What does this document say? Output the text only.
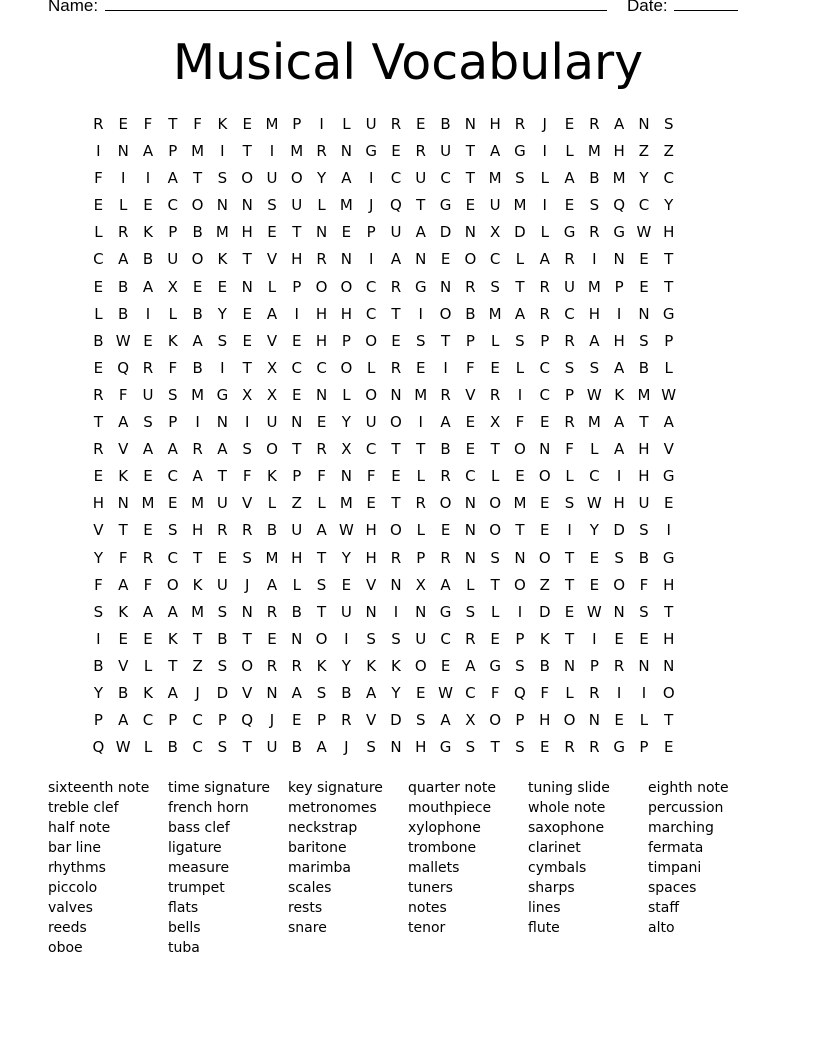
Name:	Date:
Musical Vocabulary
R E	F	T	F	K	E M P	I	L	U R E B N H R	J	E R A N S
I	N A	P M	I	T	I	M R N G E R U T	A G	I	L M H Z Z
F	I	I	A	T	S O U O Y	A	I	C U C T M S	L	A B M Y C
E	L	E C O N N S U	L M	J	Q T G E U M	I	E	S Q C Y
L	R K	P	B M H E	T N E	P U A D N X D L G R G W H
C A B U O K	T	V H R N	I	A N E O C	L	A R	I	N E	T
E B A X E	E N	L	P O O C R G N R S	T R U M P	E	T
L	B	I	L	B	Y	E A	I	H H C T	I	O B M A R C H	I	N G
B W E	K A S	E V E H P O E	S	T	P	L	S	P	R A H S	P
E Q R	F	B	I	T	X C C O L	R E	I	F	E	L	C S	S A B	L
R	F U S M G X X E N	L O N M R V R	I	C	P W K M W
T	A S	P	I	N	I	U N E	Y U O	I	A E X	F	E R M A	T	A
R V A A R A S O T R X C T	T	B E	T O N F	L	A H V
E	K	E C A	T	F	K	P	F N F	E	L	R C	L	E O L	C	I	H G
H N M E M U V	L	Z	L M E	T R O N O M E	S W H U E
V	T	E	S H R R B U A W H O L	E N O T	E	I	Y D S	I
Y	F	R C T	E	S M H T	Y H R	P	R N S N O T	E	S B G
F	A	F O K U	J	A	L	S	E V N X A	L	T O Z	T	E O F H
S	K A A M S N R B	T U N	I	N G S	L	I	D E W N S	T
I	E	E	K	T	B	T	E N O	I	S	S U C R E	P	K	T	I	E	E H
B V	L	T	Z S O R R K	Y	K K O E A G S B N P	R N N
Y	B K A	J	D V N A S B A	Y	E W C	F Q F	L	R	I	I	O
P	A C	P	C	P Q	J	E	P	R V D S A X O P H O N E	L	T
Q W L	B C S	T U B A	J	S N H G S	T	S	E R R G P	E
sixteenth note	time signature	key signature	quarter note	tuning slide	eighth note
treble clef	french horn	metronomes	mouthpiece	whole note	percussion
half note	bass clef	neckstrap	xylophone	saxophone	marching
bar line	ligature	baritone	trombone	clarinet	fermata
rhythms	measure	marimba	mallets	cymbals	timpani
piccolo	trumpet	scales	tuners	sharps	spaces
valves	flats	rests	notes	lines	staff
reeds	bells	snare	tenor	flute	alto
oboe	tuba
